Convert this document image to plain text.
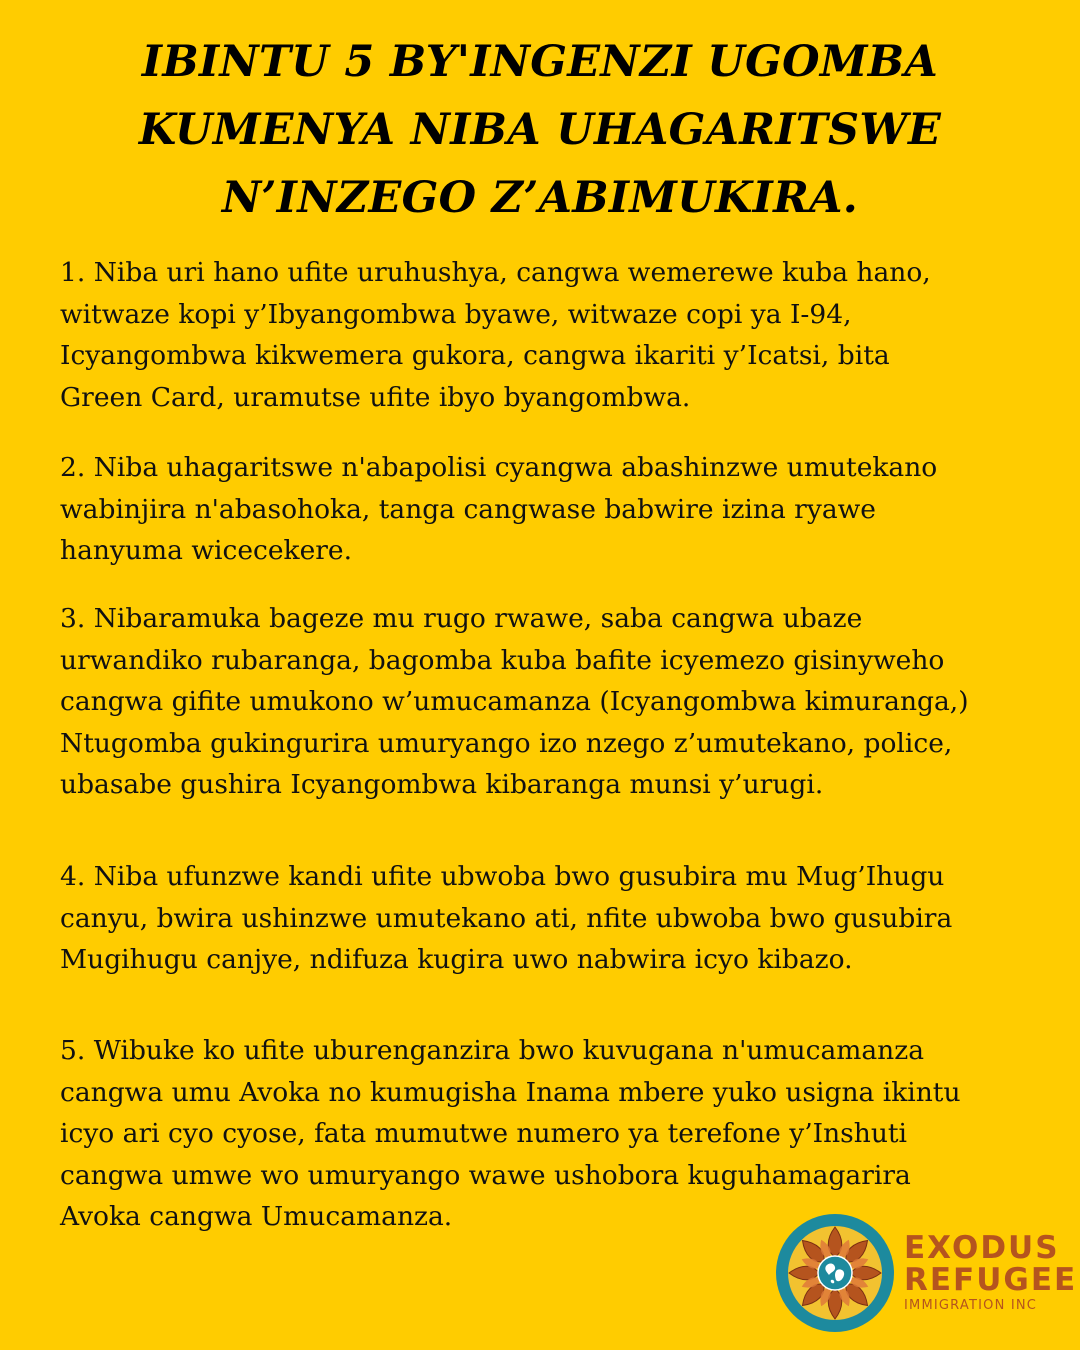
IBINTU 5 BY'INGENZI UGOMBA
KUMENYA NIBA UHAGARITSWE
N’INZEGO Z’ABIMUKIRA.
1. Niba uri hano ufite uruhushya, cangwa wemerewe kuba hano,
witwaze kopi y’Ibyangombwa byawe, witwaze copi ya I-94,
Icyangombwa kikwemera gukora, cangwa ikariti y’Icatsi, bita
Green Card, uramutse ufite ibyo byangombwa.
2. Niba uhagaritswe n'abapolisi cyangwa abashinzwe umutekano
wabinjira n'abasohoka, tanga cangwase babwire izina ryawe
hanyuma wicecekere.
3. Nibaramuka bageze mu rugo rwawe, saba cangwa ubaze
urwandiko rubaranga, bagomba kuba bafite icyemezo gisinyweho
cangwa gifite umukono w’umucamanza (Icyangombwa kimuranga,)
Ntugomba gukingurira umuryango izo nzego z’umutekano, police,
ubasabe gushira Icyangombwa kibaranga munsi y’urugi.
4. Niba ufunzwe kandi ufite ubwoba bwo gusubira mu Mug’Ihugu
canyu, bwira ushinzwe umutekano ati, nfite ubwoba bwo gusubira
Mugihugu canjye, ndifuza kugira uwo nabwira icyo kibazo.
5. Wibuke ko ufite uburenganzira bwo kuvugana n'umucamanza
cangwa umu Avoka no kumugisha Inama mbere yuko usigna ikintu
icyo ari cyo cyose, fata mumutwe numero ya terefone y’Inshuti
cangwa umwe wo umuryango wawe ushobora kuguhamagarira
Avoka cangwa Umucamanza.
EXODUS
REFUGEE
IMMIGRATION INC
